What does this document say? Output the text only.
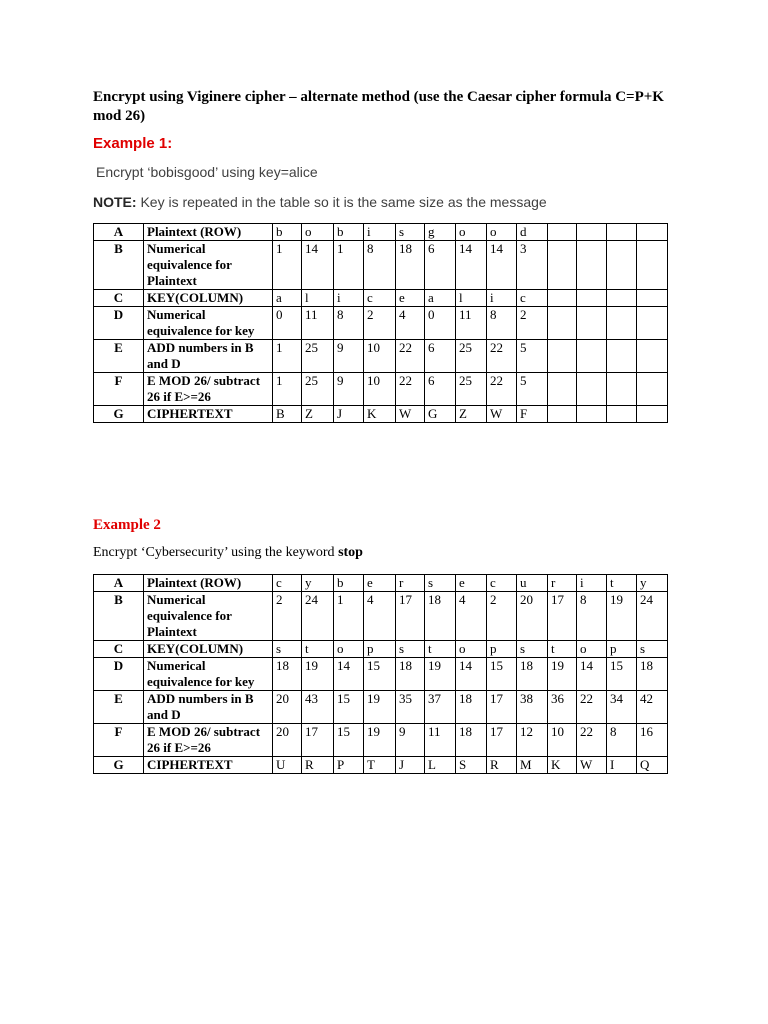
Encrypt using Viginere cipher – alternate method (use the Caesar cipher formula C=P+K mod 26)
Example 1:
Encrypt ‘bobisgood’ using key=alice
NOTE: Key is repeated in the table so it is the same size as the message
A	Plaintext (ROW)	b	o	b	i	s	g	o	o	d				
B	Numerical equivalence for Plaintext	1	14	1	8	18	6	14	14	3				
C	KEY(COLUMN)	a	l	i	c	e	a	l	i	c				
D	Numerical equivalence for key	0	11	8	2	4	0	11	8	2				
E	ADD numbers in B and D	1	25	9	10	22	6	25	22	5				
F	E MOD 26/ subtract 26 if E>=26	1	25	9	10	22	6	25	22	5				
G	CIPHERTEXT	B	Z	J	K	W	G	Z	W	F				
Example 2
Encrypt ‘Cybersecurity’ using the keyword stop
A	Plaintext (ROW)	c	y	b	e	r	s	e	c	u	r	i	t	y
B	Numerical equivalence for Plaintext	2	24	1	4	17	18	4	2	20	17	8	19	24
C	KEY(COLUMN)	s	t	o	p	s	t	o	p	s	t	o	p	s
D	Numerical equivalence for key	18	19	14	15	18	19	14	15	18	19	14	15	18
E	ADD numbers in B and D	20	43	15	19	35	37	18	17	38	36	22	34	42
F	E MOD 26/ subtract 26 if E>=26	20	17	15	19	9	11	18	17	12	10	22	8	16
G	CIPHERTEXT	U	R	P	T	J	L	S	R	M	K	W	I	Q
